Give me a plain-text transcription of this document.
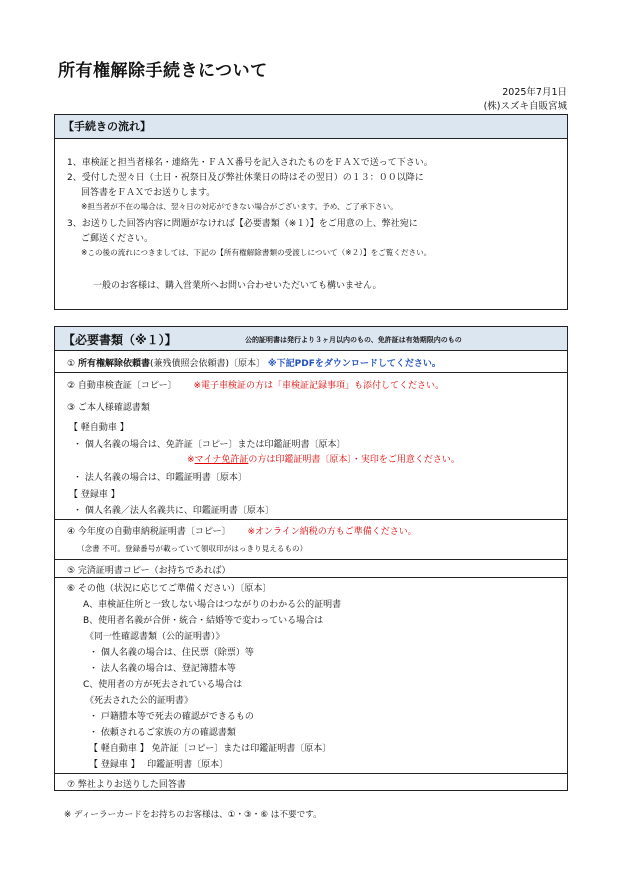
所有権解除手続きについて
2025年7月1日
(株)スズキ自販宮城
【手続きの流れ】
1、車検証と担当者様名・連絡先・ＦＡＸ番号を記入されたものをＦＡＸで送って下さい。
2、受付した翌々日（土日・祝祭日及び弊社休業日の時はその翌日）の１３：００以降に
回答書をＦＡＸでお送りします。
※担当者が不在の場合は、翌々日の対応ができない場合がございます。予め、ご了承下さい。
3、お送りした回答内容に問題がなければ【必要書類（※１）】をご用意の上、弊社宛に
ご郵送ください。
※この後の流れにつきましては、下記の【所有権解除書類の受渡しについて（※２）】をご覧ください。
一般のお客様は、購入営業所へお問い合わせいただいても構いません。
【必要書類（※１）】	公的証明書は発行より３ヶ月以内のもの、免許証は有効期限内のもの
① 所有権解除依頼書(兼残債照会依頼書)〔原本〕 ※下記PDFをダウンロードしてください。
② 自動車検査証〔コピー〕 ※電子車検証の方は「車検証記録事項」も添付してください。
③ ご本人様確認書類
【 軽自動車 】
・ 個人名義の場合は、免許証〔コピー〕または印鑑証明書〔原本〕
※マイナ免許証の方は印鑑証明書〔原本〕・実印をご用意ください。
・ 法人名義の場合は、印鑑証明書〔原本〕
【 登録車 】
・ 個人名義／法人名義共に、印鑑証明書〔原本〕
④ 今年度の自動車納税証明書〔コピー〕 ※オンライン納税の方もご準備ください。
（念書 不可。登録番号が載っていて領収印がはっきり見えるもの）
⑤ 完済証明書コピー（お持ちであれば）
⑥ その他（状況に応じてご準備ください）〔原本〕
A、車検証住所と一致しない場合はつながりのわかる公的証明書
B、使用者名義が合併・統合・結婚等で変わっている場合は
《同一性確認書類（公的証明書）》
・ 個人名義の場合は、住民票（除票）等
・ 法人名義の場合は、登記簿謄本等
C、使用者の方が死去されている場合は
《死去された公的証明書》
・ 戸籍謄本等で死去の確認ができるもの
・ 依頼されるご家族の方の確認書類
【 軽自動車 】 免許証〔コピー〕または印鑑証明書〔原本〕
【 登録車 】　 印鑑証明書〔原本〕
⑦ 弊社よりお送りした回答書
※ ディーラーカードをお持ちのお客様は、①・③・⑥ は不要です。
